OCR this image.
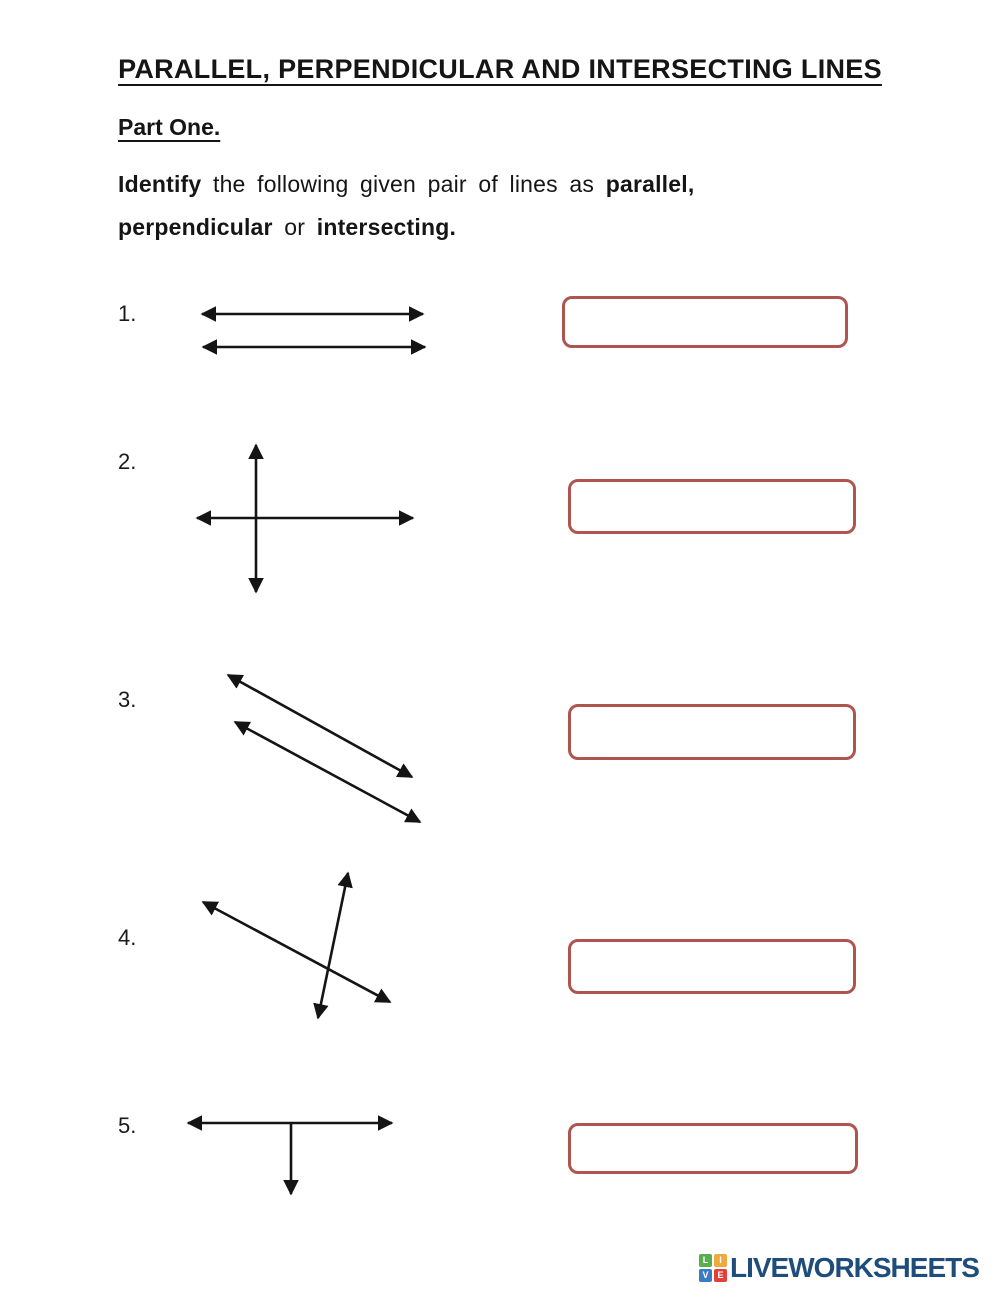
PARALLEL, PERPENDICULAR AND INTERSECTING LINES
Part One.
Identify the following given pair of lines as parallel,
perpendicular or intersecting.
1.
2.
3.
4.
5.
L	I
V E LIVEWORKSHEETS
